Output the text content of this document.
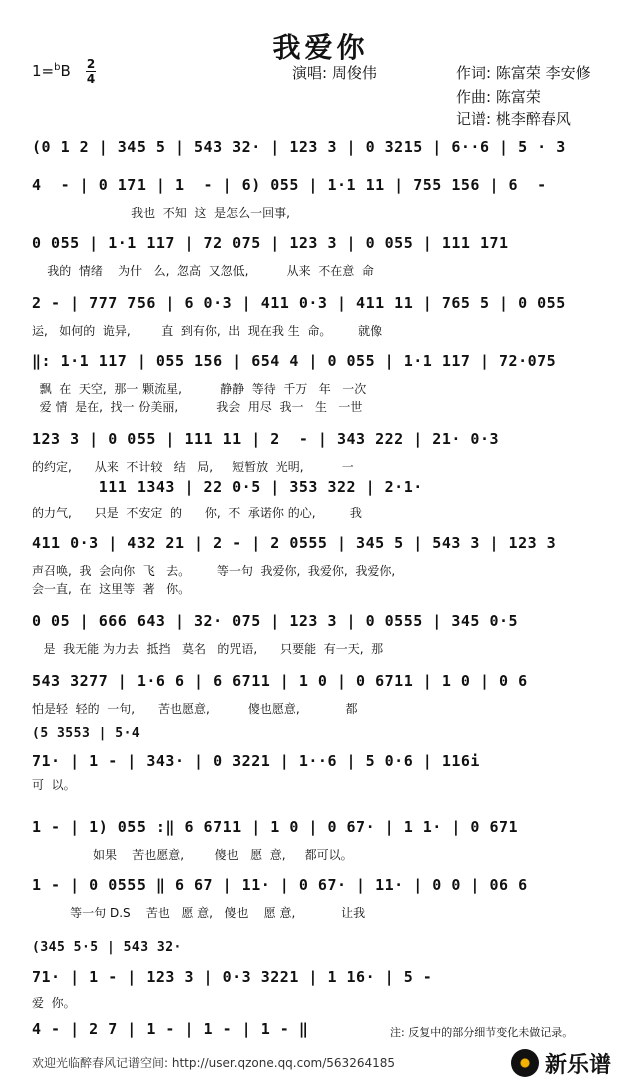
我爱你
1=$^b$B 2
4	演唱: 周俊伟	作词: 陈富荣 李安修
作曲: 陈富荣
记谱: 桃李醉春风
(0 1 2 | 345 5 | 543 32· | 123 3 | 0 3215 | 6··6 | 5 · 3
4  - | 0 171 | 1  - | 6) 055 | 1·1 11 | 755 156 | 6  -
我也  不知  这  是怎么一回事,
0 055 | 1·1 117 | 72 075 | 123 3 | 0 055 | 111 171
我的  情绪    为什   么,  忽高  又忽低,          从来  不在意  命
2 - | 777 756 | 6 0·3 | 411 0·3 | 411 11 | 765 5 | 0 055
运,   如何的  诡异,        直  到有你,  出  现在我 生  命。       就像
‖: 1·1 117 | 055 156 | 654 4 | 0 055 | 1·1 117 | 72·075
飘  在  天空,  那一 颗流星,          静静  等待  千万   年   一次
爱 情  是在,  找一 份美丽,          我会  用尽  我一   生   一世
123 3 | 0 055 | 111 11 | 2  - | 343 222 | 21· 0·3
的约定,      从来  不计较   结   局,     短暂放  光明,          一
111 1343 | 22 0·5 | 353 322 | 2·1·
的力气,      只是  不安定  的      你,  不  承诺你 的心,         我
411 0·3 | 432 21 | 2 - | 2 0555 | 345 5 | 543 3 | 123 3
声召唤,  我  会向你  飞   去。       等一句  我爱你,  我爱你,  我爱你,
会一直,  在  这里等  著   你。
0 05 | 666 643 | 32· 075 | 123 3 | 0 0555 | 345 0·5
是  我无能 为力去  抵挡   莫名   的咒语,      只要能  有一天,  那
543 3277 | 1·6 6 | 6 6711 | 1 0 | 0 6711 | 1 0 | 0 6
怕是轻  轻的  一句,      苦也愿意,          傻也愿意,            都
(5 3553 | 5·4
71· | 1 - | 343· | 0 3221 | 1··6 | 5 0·6 | 116i
可  以。
1 - | 1) 055 :‖ 6 6711 | 1 0 | 0 67· | 1 1· | 0 671
如果    苦也愿意,        傻也   愿  意,     都可以。
1 - | 0 0555 ‖ 6 67 | 11· | 0 67· | 11· | 0 0 | 06 6
等一句 D.S    苦也   愿 意,   傻也    愿 意,            让我
(345 5·5 | 543 32·
71· | 1 - | 123 3 | 0·3 3221 | 1 16· | 5 -
爱  你。
4 - | 2 7 | 1 - | 1 - | 1 - ‖	注: 反复中的部分细节变化未做记录。
欢迎光临醉春风记谱空间: http://user.qzone.qq.com/563264185	新乐谱
